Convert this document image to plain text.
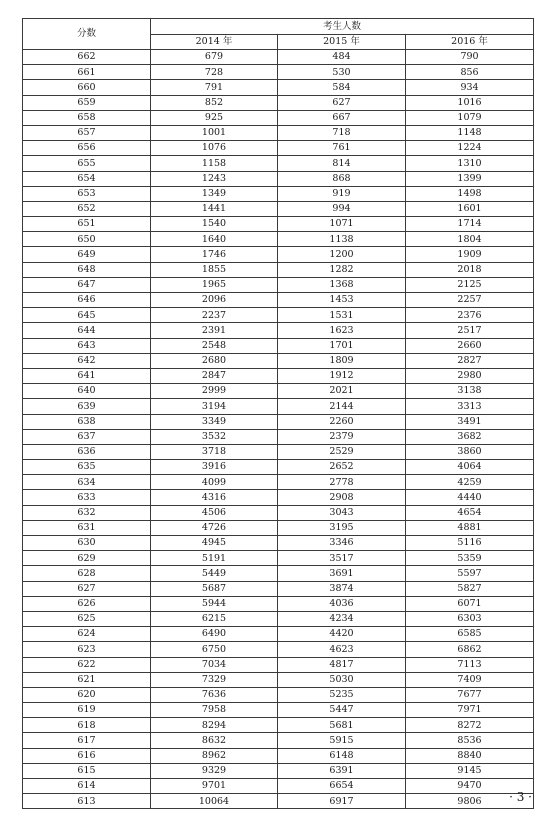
分数	考生人数		
	2014 年	2015 年	2016 年
662	679	484	790
661	728	530	856
660	791	584	934
659	852	627	1016
658	925	667	1079
657	1001	718	1148
656	1076	761	1224
655	1158	814	1310
654	1243	868	1399
653	1349	919	1498
652	1441	994	1601
651	1540	1071	1714
650	1640	1138	1804
649	1746	1200	1909
648	1855	1282	2018
647	1965	1368	2125
646	2096	1453	2257
645	2237	1531	2376
644	2391	1623	2517
643	2548	1701	2660
642	2680	1809	2827
641	2847	1912	2980
640	2999	2021	3138
639	3194	2144	3313
638	3349	2260	3491
637	3532	2379	3682
636	3718	2529	3860
635	3916	2652	4064
634	4099	2778	4259
633	4316	2908	4440
632	4506	3043	4654
631	4726	3195	4881
630	4945	3346	5116
629	5191	3517	5359
628	5449	3691	5597
627	5687	3874	5827
626	5944	4036	6071
625	6215	4234	6303
624	6490	4420	6585
623	6750	4623	6862
622	7034	4817	7113
621	7329	5030	7409
620	7636	5235	7677
619	7958	5447	7971
618	8294	5681	8272
617	8632	5915	8536
616	8962	6148	8840
615	9329	6391	9145
614	9701	6654	9470
613	10064	6917	9806 · 3 ·
